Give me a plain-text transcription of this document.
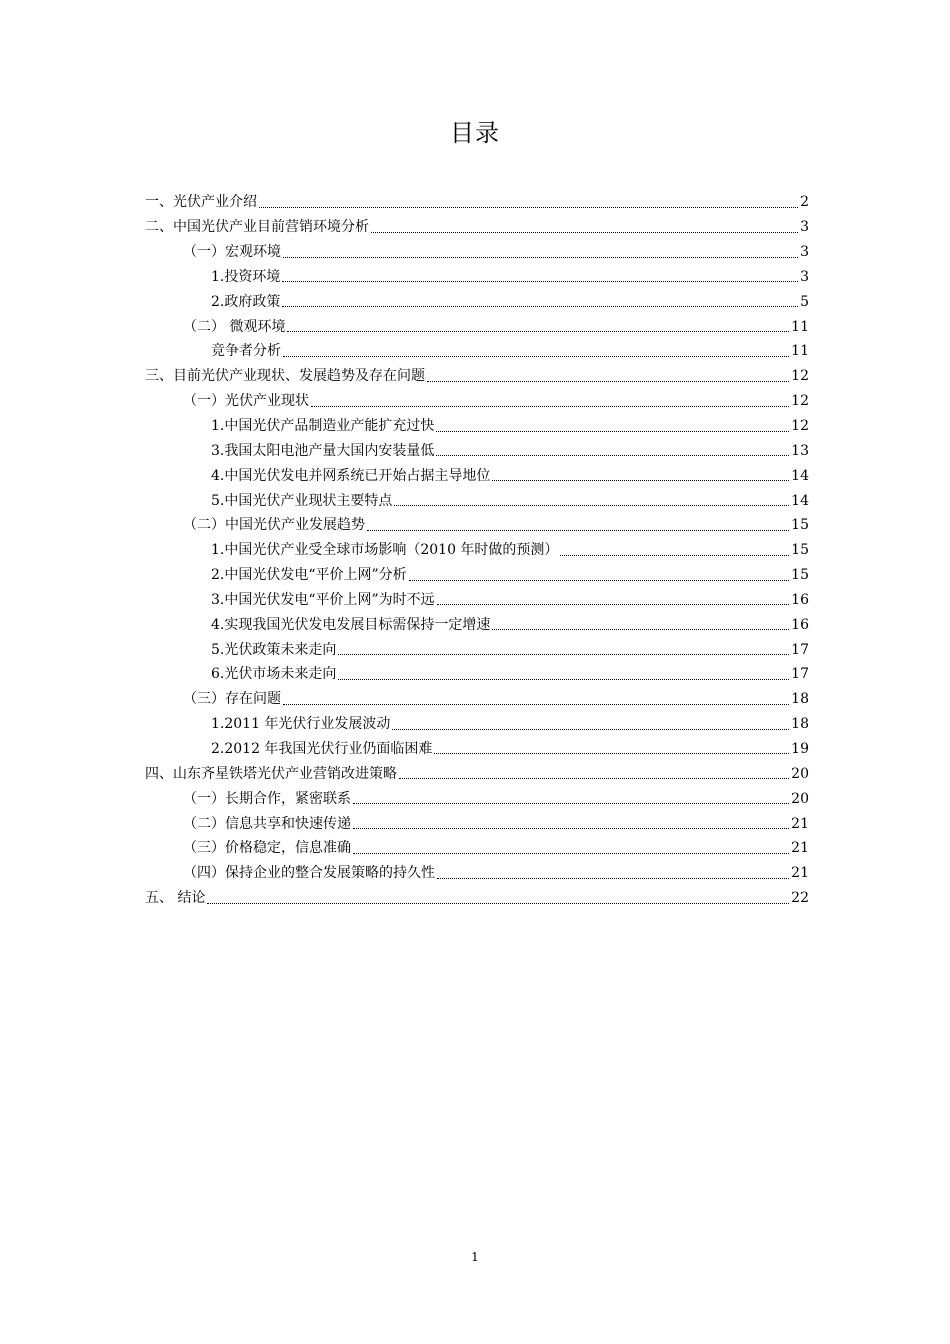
目录
一、光伏产业介绍	2
二、中国光伏产业目前营销环境分析	3
（一）宏观环境	3
1.投资环境	3
2.政府政策	5
（二） 微观环境	11
竞争者分析	11
三、目前光伏产业现状、发展趋势及存在问题	12
（一）光伏产业现状	12
1.中国光伏产品制造业产能扩充过快	12
3.我国太阳电池产量大国内安装量低	13
4.中国光伏发电并网系统已开始占据主导地位	14
5.中国光伏产业现状主要特点	14
（二）中国光伏产业发展趋势	15
1.中国光伏产业受全球市场影响（2010 年时做的预测）	15
2.中国光伏发电“平价上网”分析	15
3.中国光伏发电“平价上网”为时不远	16
4.实现我国光伏发电发展目标需保持一定增速	16
5.光伏政策未来走向	17
6.光伏市场未来走向	17
（三）存在问题	18
1.2011 年光伏行业发展波动	18
2.2012 年我国光伏行业仍面临困难	19
四、山东齐星铁塔光伏产业营销改进策略	20
（一）长期合作，紧密联系	20
（二）信息共享和快速传递	21
（三）价格稳定，信息准确	21
（四）保持企业的整合发展策略的持久性	21
五、 结论	22
1
